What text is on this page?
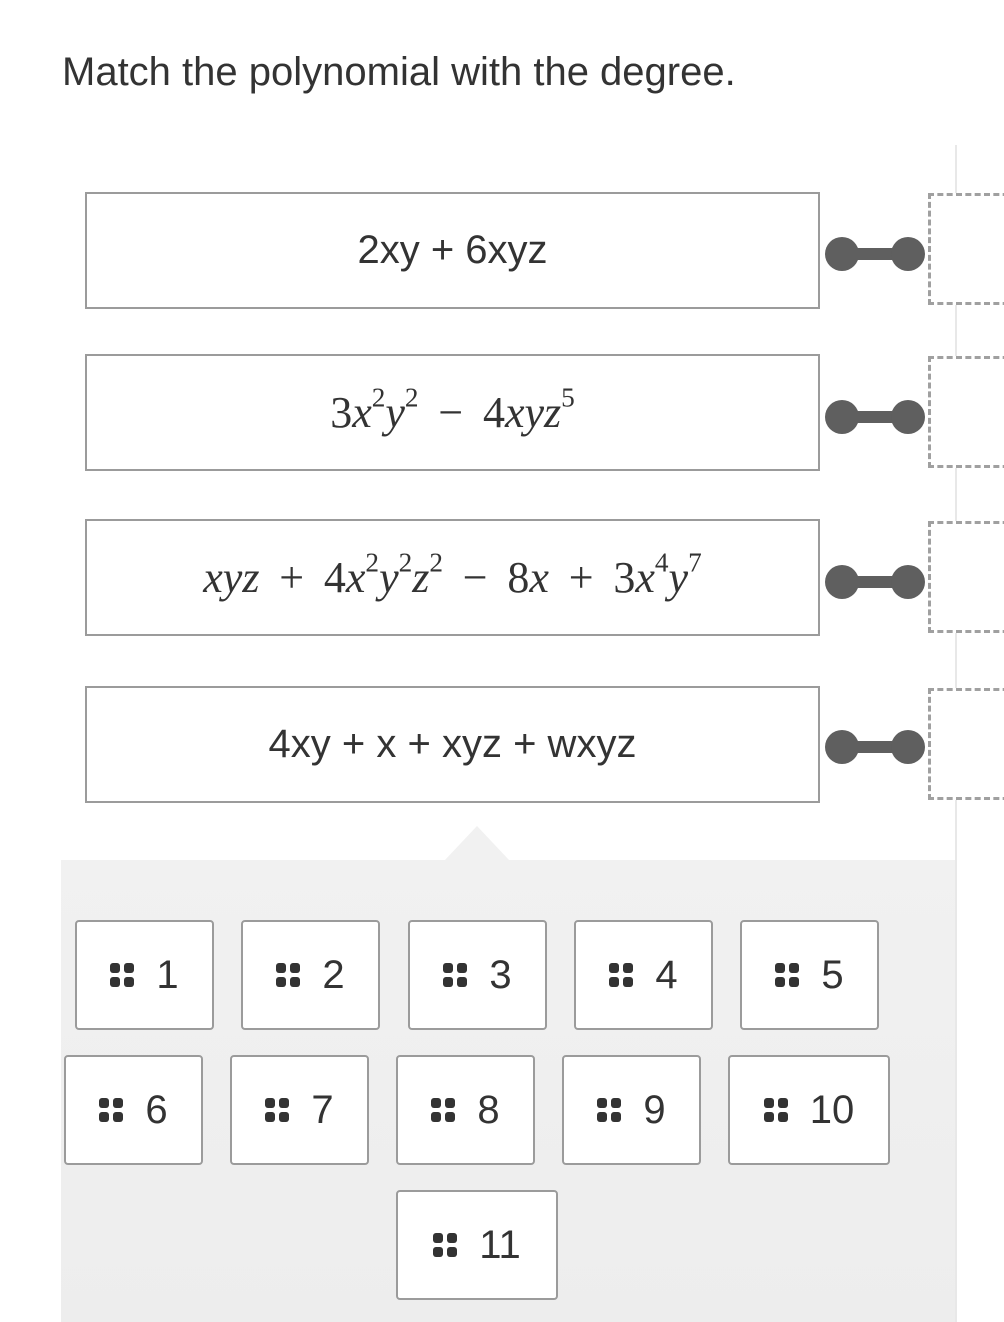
Match the polynomial with the degree.
2xy + 6xyz
$3x^2y^2 - 4xyz^5$
xyz + $4x^2y^2z^2 - 8x + 3x^4y^7$
4xy + x + xyz + wxyz
1	2	3	4	5
6	7	8	9	10
11
